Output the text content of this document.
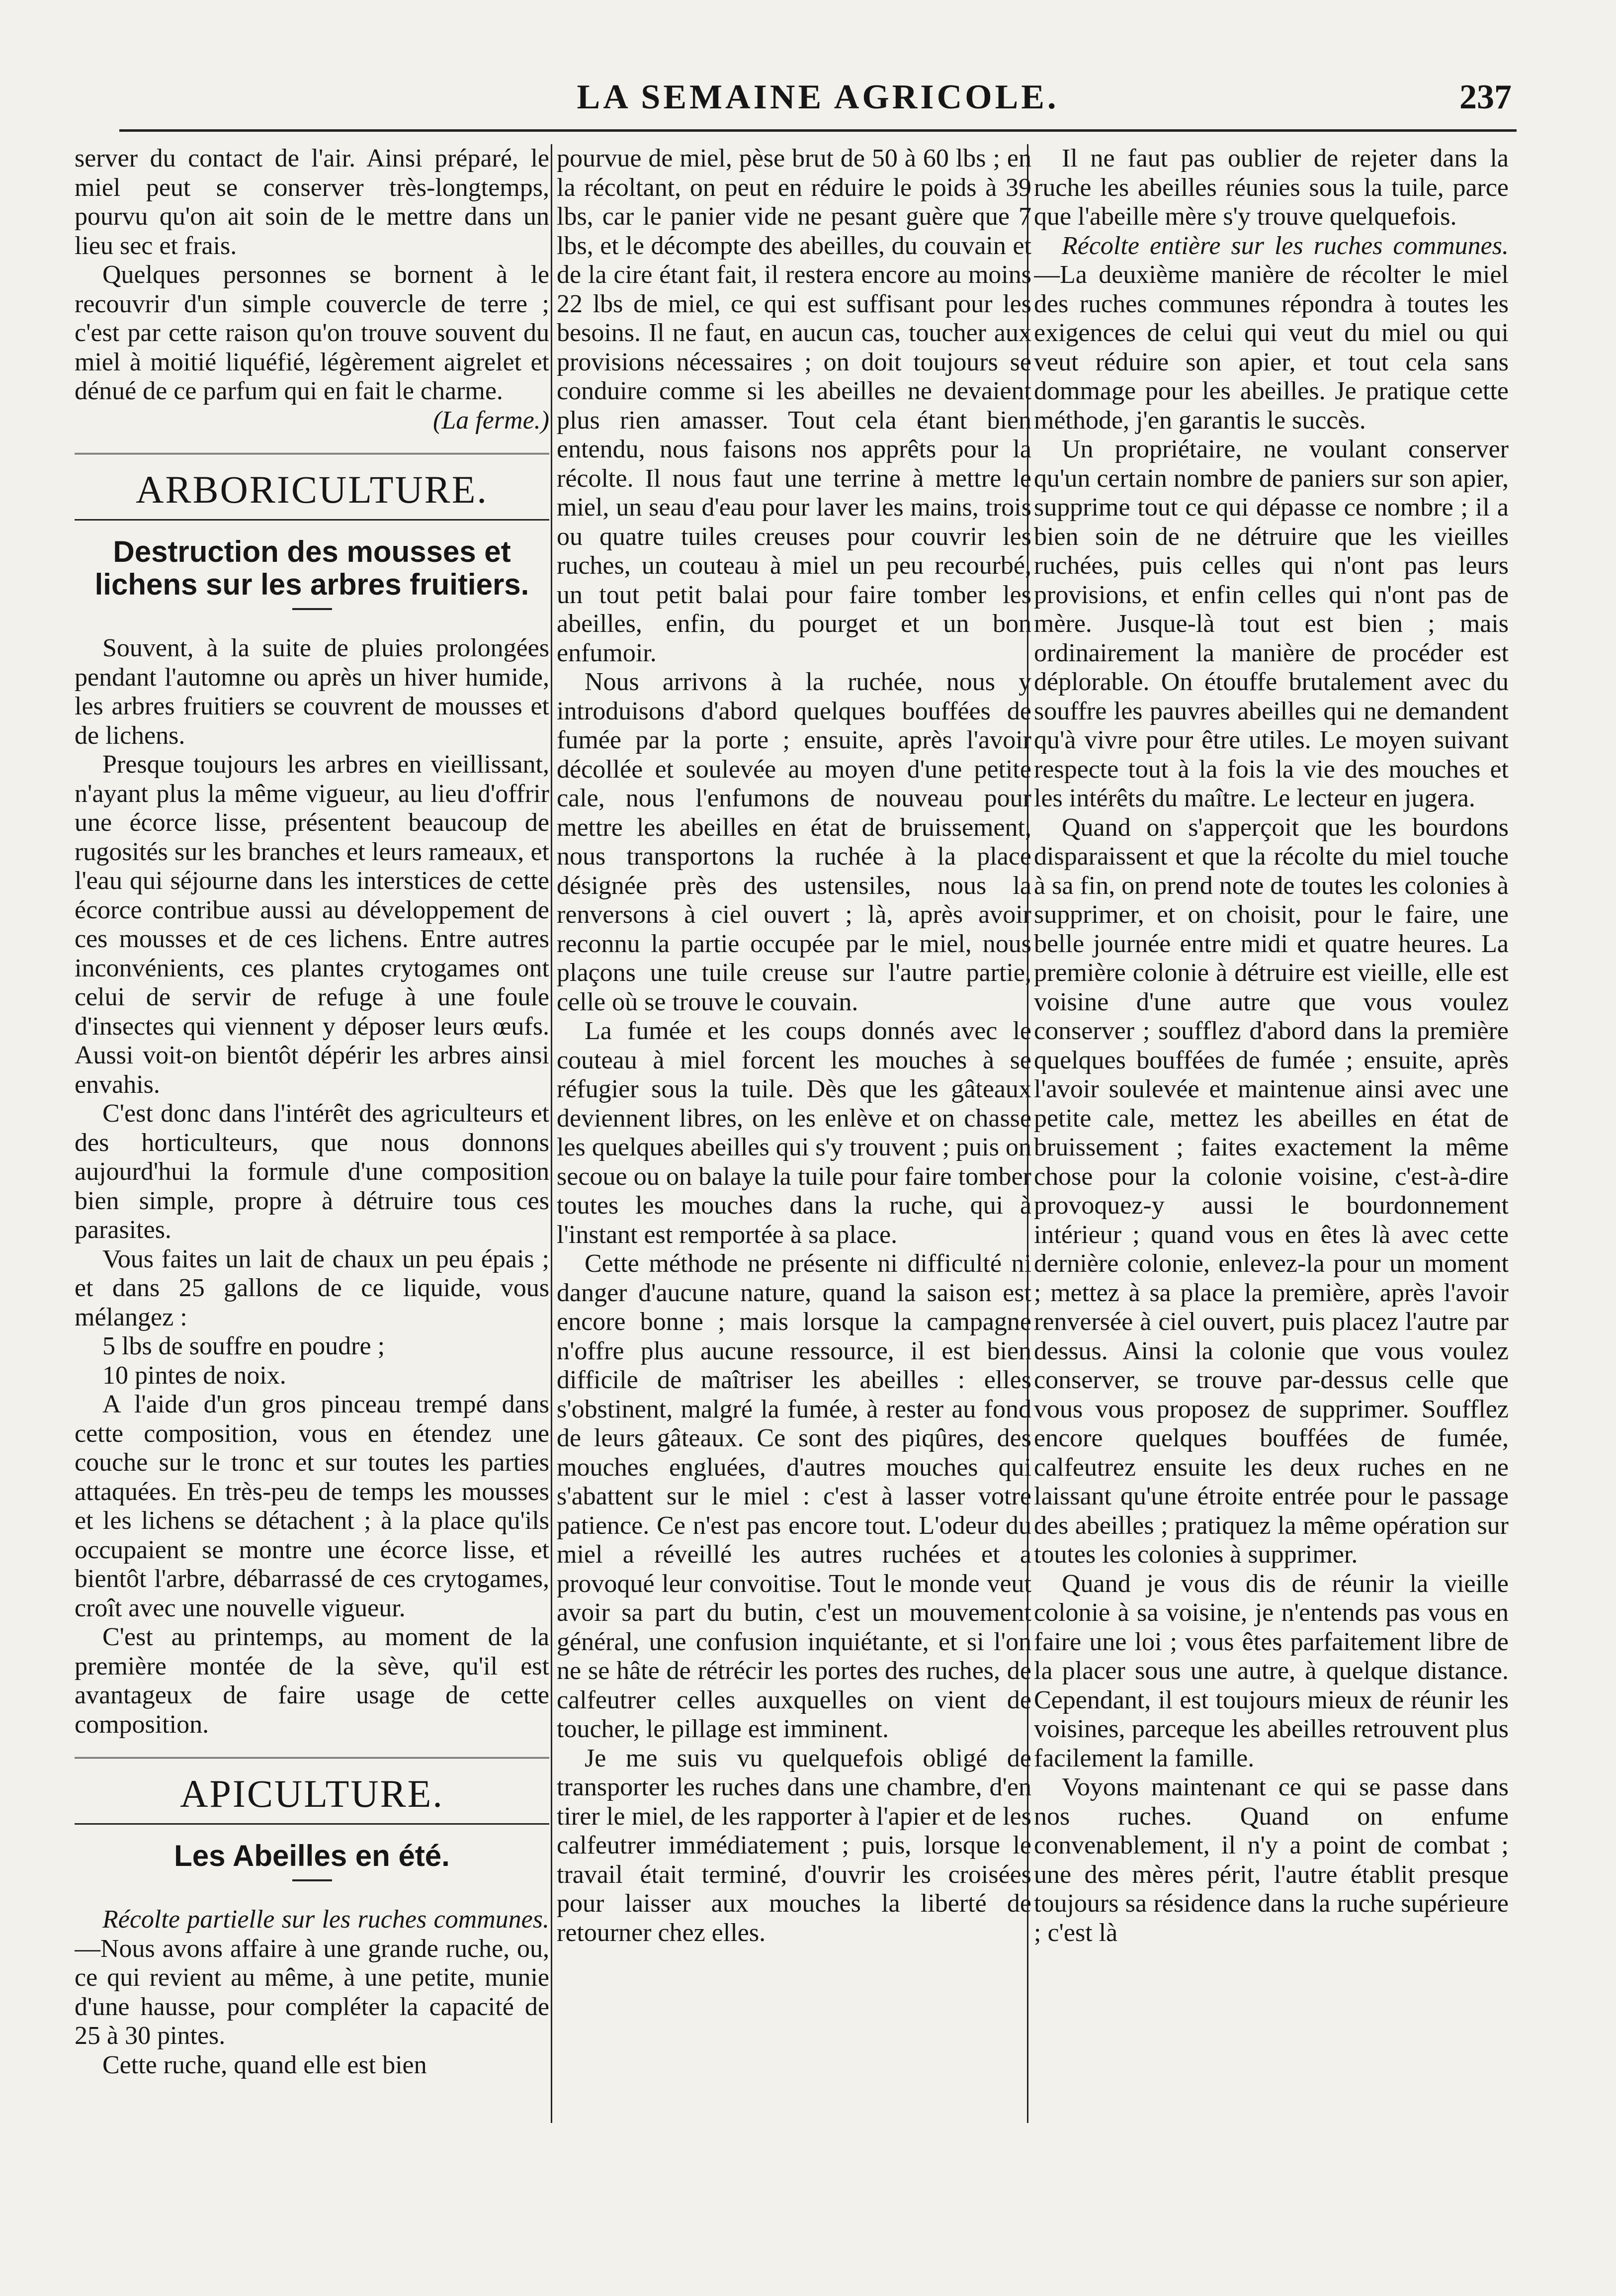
LA SEMAINE AGRICOLE.	237

server du contact de l'air. Ainsi préparé, le miel peut se conserver très-longtemps, pourvu qu'on ait soin de le mettre dans un lieu sec et frais.

Quelques personnes se bornent à le recouvrir d'un simple couvercle de terre ; c'est par cette raison qu'on trouve souvent du miel à moitié liquéfié, légèrement aigrelet et dénué de ce parfum qui en fait le charme.

(La ferme.)

ARBORICULTURE.
Destruction des mousses et lichens sur les arbres fruitiers.

Souvent, à la suite de pluies prolongées pendant l'automne ou après un hiver humide, les arbres fruitiers se couvrent de mousses et de lichens.

Presque toujours les arbres en vieillissant, n'ayant plus la même vigueur, au lieu d'offrir une écorce lisse, présentent beaucoup de rugosités sur les branches et leurs rameaux, et l'eau qui séjourne dans les interstices de cette écorce contribue aussi au développement de ces mousses et de ces lichens. Entre autres inconvénients, ces plantes crytogames ont celui de servir de refuge à une foule d'insectes qui viennent y déposer leurs œufs. Aussi voit-on bientôt dépérir les arbres ainsi envahis.

C'est donc dans l'intérêt des agriculteurs et des horticulteurs, que nous donnons aujourd'hui la formule d'une composition bien simple, propre à détruire tous ces parasites.

Vous faites un lait de chaux un peu épais ; et dans 25 gallons de ce liquide, vous mélangez :

5 lbs de souffre en poudre ;

10 pintes de noix.

A l'aide d'un gros pinceau trempé dans cette composition, vous en étendez une couche sur le tronc et sur toutes les parties attaquées. En très-peu de temps les mousses et les lichens se détachent ; à la place qu'ils occupaient se montre une écorce lisse, et bientôt l'arbre, débarrassé de ces crytogames, croît avec une nouvelle vigueur.

C'est au printemps, au moment de la première montée de la sève, qu'il est avantageux de faire usage de cette composition.

APICULTURE.
Les Abeilles en été.

Récolte partielle sur les ruches communes.—Nous avons affaire à une grande ruche, ou, ce qui revient au même, à une petite, munie d'une hausse, pour compléter la capacité de 25 à 30 pintes.

Cette ruche, quand elle est bien

pourvue de miel, pèse brut de 50 à 60 lbs ; en la récoltant, on peut en réduire le poids à 39 lbs, car le panier vide ne pesant guère que 7 lbs, et le décompte des abeilles, du couvain et de la cire étant fait, il restera encore au moins 22 lbs de miel, ce qui est suffisant pour les besoins. Il ne faut, en aucun cas, toucher aux provisions nécessaires ; on doit toujours se conduire comme si les abeilles ne devaient plus rien amasser. Tout cela étant bien entendu, nous faisons nos apprêts pour la récolte. Il nous faut une terrine à mettre le miel, un seau d'eau pour laver les mains, trois ou quatre tuiles creuses pour couvrir les ruches, un couteau à miel un peu recourbé, un tout petit balai pour faire tomber les abeilles, enfin, du pourget et un bon enfumoir.

Nous arrivons à la ruchée, nous y introduisons d'abord quelques bouffées de fumée par la porte ; ensuite, après l'avoir décollée et soulevée au moyen d'une petite cale, nous l'enfumons de nouveau pour mettre les abeilles en état de bruissement, nous transportons la ruchée à la place désignée près des ustensiles, nous la renversons à ciel ouvert ; là, après avoir reconnu la partie occupée par le miel, nous plaçons une tuile creuse sur l'autre partie, celle où se trouve le couvain.

La fumée et les coups donnés avec le couteau à miel forcent les mouches à se réfugier sous la tuile. Dès que les gâteaux deviennent libres, on les enlève et on chasse les quelques abeilles qui s'y trouvent ; puis on secoue ou on balaye la tuile pour faire tomber toutes les mouches dans la ruche, qui à l'instant est remportée à sa place.

Cette méthode ne présente ni difficulté ni danger d'aucune nature, quand la saison est encore bonne ; mais lorsque la campagne n'offre plus aucune ressource, il est bien difficile de maîtriser les abeilles : elles s'obstinent, malgré la fumée, à rester au fond de leurs gâteaux. Ce sont des piqûres, des mouches engluées, d'autres mouches qui s'abattent sur le miel : c'est à lasser votre patience. Ce n'est pas encore tout. L'odeur du miel a réveillé les autres ruchées et a provoqué leur convoitise. Tout le monde veut avoir sa part du butin, c'est un mouvement général, une confusion inquiétante, et si l'on ne se hâte de rétrécir les portes des ruches, de calfeutrer celles auxquelles on vient de toucher, le pillage est imminent.

Je me suis vu quelquefois obligé de transporter les ruches dans une chambre, d'en tirer le miel, de les rapporter à l'apier et de les calfeutrer immédiatement ; puis, lorsque le travail était terminé, d'ouvrir les croisées pour laisser aux mouches la liberté de retourner chez elles.

Il ne faut pas oublier de rejeter dans la ruche les abeilles réunies sous la tuile, parce que l'abeille mère s'y trouve quelquefois.

Récolte entière sur les ruches communes.—La deuxième manière de récolter le miel des ruches communes répondra à toutes les exigences de celui qui veut du miel ou qui veut réduire son apier, et tout cela sans dommage pour les abeilles. Je pratique cette méthode, j'en garantis le succès.

Un propriétaire, ne voulant conserver qu'un certain nombre de paniers sur son apier, supprime tout ce qui dépasse ce nombre ; il a bien soin de ne détruire que les vieilles ruchées, puis celles qui n'ont pas leurs provisions, et enfin celles qui n'ont pas de mère. Jusque-là tout est bien ; mais ordinairement la manière de procéder est déplorable. On étouffe brutalement avec du souffre les pauvres abeilles qui ne demandent qu'à vivre pour être utiles. Le moyen suivant respecte tout à la fois la vie des mouches et les intérêts du maître. Le lecteur en jugera.

Quand on s'apperçoit que les bourdons disparaissent et que la récolte du miel touche à sa fin, on prend note de toutes les colonies à supprimer, et on choisit, pour le faire, une belle journée entre midi et quatre heures. La première colonie à détruire est vieille, elle est voisine d'une autre que vous voulez conserver ; soufflez d'abord dans la première quelques bouffées de fumée ; ensuite, après l'avoir soulevée et maintenue ainsi avec une petite cale, mettez les abeilles en état de bruissement ; faites exactement la même chose pour la colonie voisine, c'est-à-dire provoquez-y aussi le bourdonnement intérieur ; quand vous en êtes là avec cette dernière colonie, enlevez-la pour un moment ; mettez à sa place la première, après l'avoir renversée à ciel ouvert, puis placez l'autre par dessus. Ainsi la colonie que vous voulez conserver, se trouve par-dessus celle que vous vous proposez de supprimer. Soufflez encore quelques bouffées de fumée, calfeutrez ensuite les deux ruches en ne laissant qu'une étroite entrée pour le passage des abeilles ; pratiquez la même opération sur toutes les colonies à supprimer.

Quand je vous dis de réunir la vieille colonie à sa voisine, je n'entends pas vous en faire une loi ; vous êtes parfaitement libre de la placer sous une autre, à quelque distance. Cependant, il est toujours mieux de réunir les voisines, parceque les abeilles retrouvent plus facilement la famille.

Voyons maintenant ce qui se passe dans nos ruches. Quand on enfume convenablement, il n'y a point de combat ; une des mères périt, l'autre établit presque toujours sa résidence dans la ruche supérieure ; c'est là
